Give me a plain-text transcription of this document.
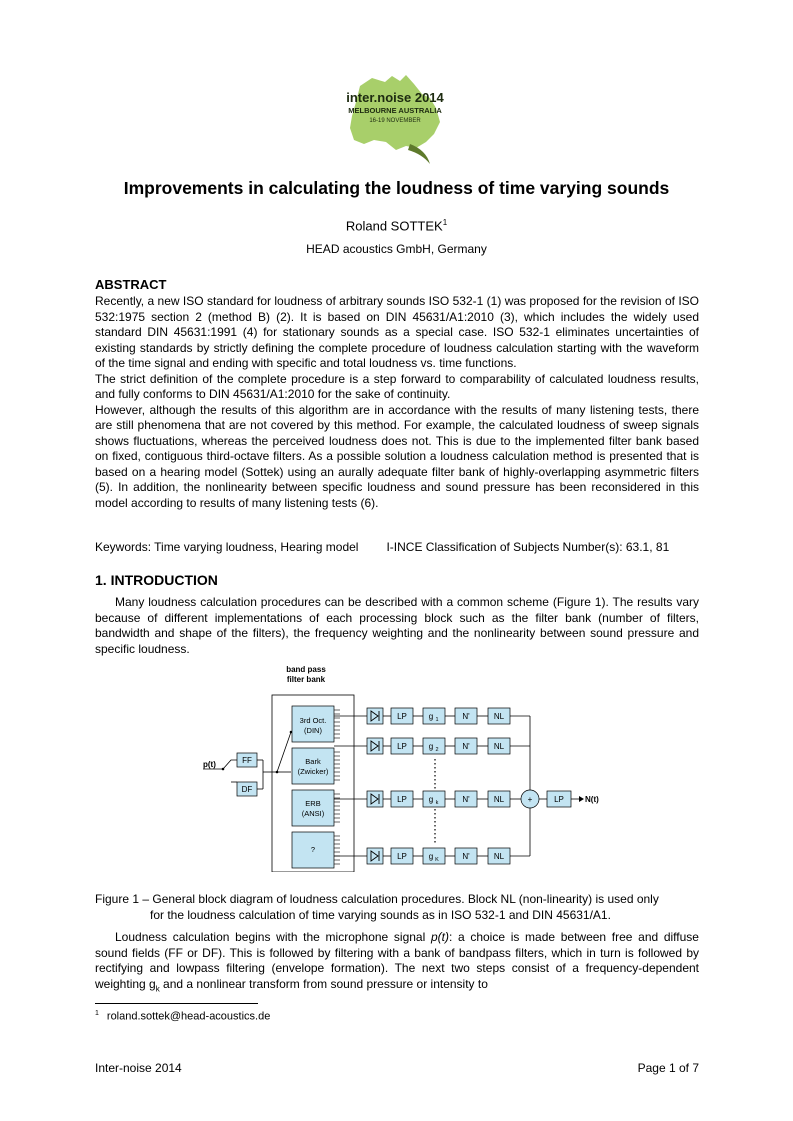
inter.noise 2014
MELBOURNE AUSTRALIA
16-19 NOVEMBER
Improvements in calculating the loudness of time varying sounds
Roland SOTTEK$^1$
HEAD acoustics GmbH, Germany
ABSTRACT

Recently, a new ISO standard for loudness of arbitrary sounds ISO 532-1 (1) was proposed for the revision of ISO 532:1975 section 2 (method B) (2). It is based on DIN 45631/A1:2010 (3), which includes the widely used standard DIN 45631:1991 (4) for stationary sounds as a special case. ISO 532-1 eliminates uncertainties of existing standards by strictly defining the complete procedure of loudness calculation starting with the waveform of the time signal and ending with specific and total loudness vs. time functions.

The strict definition of the complete procedure is a step forward to comparability of calculated loudness results, and fully conforms to DIN 45631/A1:2010 for the sake of continuity.

However, although the results of this algorithm are in accordance with the results of many listening tests, there are still phenomena that are not covered by this method. For example, the calculated loudness of sweep signals shows fluctuations, whereas the perceived loudness does not. This is due to the implemented filter bank based on fixed, contiguous third-octave filters. As a possible solution a loudness calculation method is presented that is based on a hearing model (Sottek) using an aurally adequate filter bank of highly-overlapping asymmetric filters (5). In addition, the nonlinearity between specific loudness and sound pressure has been reconsidered in this model according to results of many listening tests (6).

Keywords: Time varying loudness, Hearing model I-INCE Classification of Subjects Number(s): 63.1, 81
1. INTRODUCTION
Many loudness calculation procedures can be described with a common scheme (Figure 1). The results vary because of different implementations of each processing block such as the filter bank (number of filters, bandwidth and shape of the filters), the frequency weighting and the nonlinearity between sound pressure and specific loudness.
band pass
filter bank
p(t)	FF
DF
3rd Oct.
(DIN)
Bark
(Zwicker)
ERB
(ANSI)
?
LP	g 1	N'	NL
LP	g 2	N'	NL
LP	g k	N'	NL
LP	g K	N'	NL
+	LP	N(t)
Figure 1 – General block diagram of loudness calculation procedures. Block NL (non-linearity) is used only
for the loudness calculation of time varying sounds as in ISO 532-1 and DIN 45631/A1.
Loudness calculation begins with the microphone signal p(t): a choice is made between free and diffuse sound fields (FF or DF). This is followed by filtering with a bank of bandpass filters, which in turn is followed by rectifying and lowpass filtering (envelope formation). The next two steps consist of a frequency-dependent weighting $g_k$ and a nonlinear transform from sound pressure or intensity to
$^1$ roland.sottek@head-acoustics.de
Inter-noise 2014	Page 1 of 7
